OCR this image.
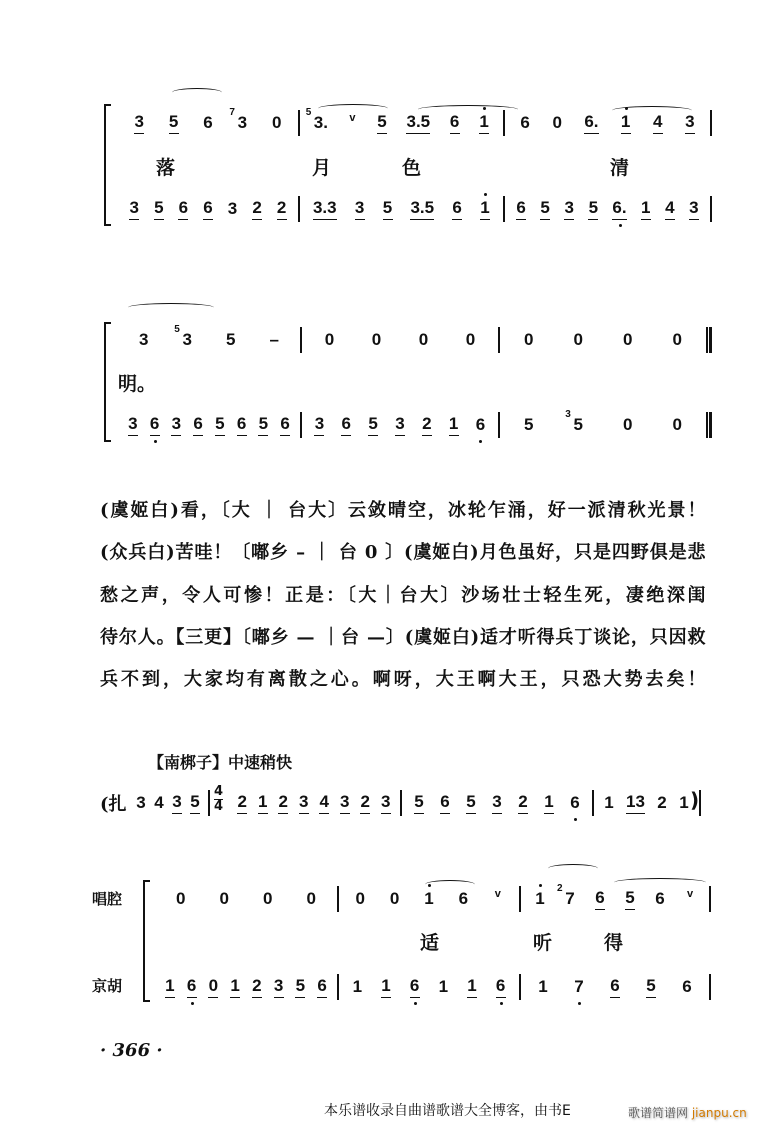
3 5 6 3
7
0 3.
5	v 5 3.5 6 1 6 0 6. 1 4 3
落	月	色	清
3 5 6 6 3 2 2 3.3 3 5 3.5 6 1 6 5 3 5 6. 1 4 3
3 3
5
5 –	0 0 0 0	0 0 0 0
明。
3 6 3 6 5 6 5 6 3 6 5 3 2 1 6 5 5
3
0 0
(虞姬白)看，〔大 ｜ 台大〕云敛晴空，冰轮乍涌，好一派清秋光景！
(众兵白)苦哇！〔嘟乡 – ｜ 台 0 〕(虞姬白)月色虽好，只是四野俱是悲
愁之声，令人可惨！正是：〔大｜台大〕沙场壮士轻生死，凄绝深闺
待尔人。【三更】〔嘟乡 — ｜台 —〕(虞姬白)适才听得兵丁谈论，只因救
兵不到，大家均有离散之心。啊呀，大王啊大王，只恐大势去矣！
【南梆子】中速稍快
(扎
4
4
3 4 3 5 2 1 2 3 4 3 2 3 5 6 5 3 2 1 6 1 13 2 1 )
唱腔
京胡
0 0 0 0 0 0 1 6 v 1 7
2 6 5 6 v
适	听	得
1 6 0 1 2 3 5 6 1 1 6 1 1 6 1 7 6 5 6
· 366 ·
本乐谱收录自曲谱歌谱大全博客，由书E	歌谱简谱网 jianpu.cn
